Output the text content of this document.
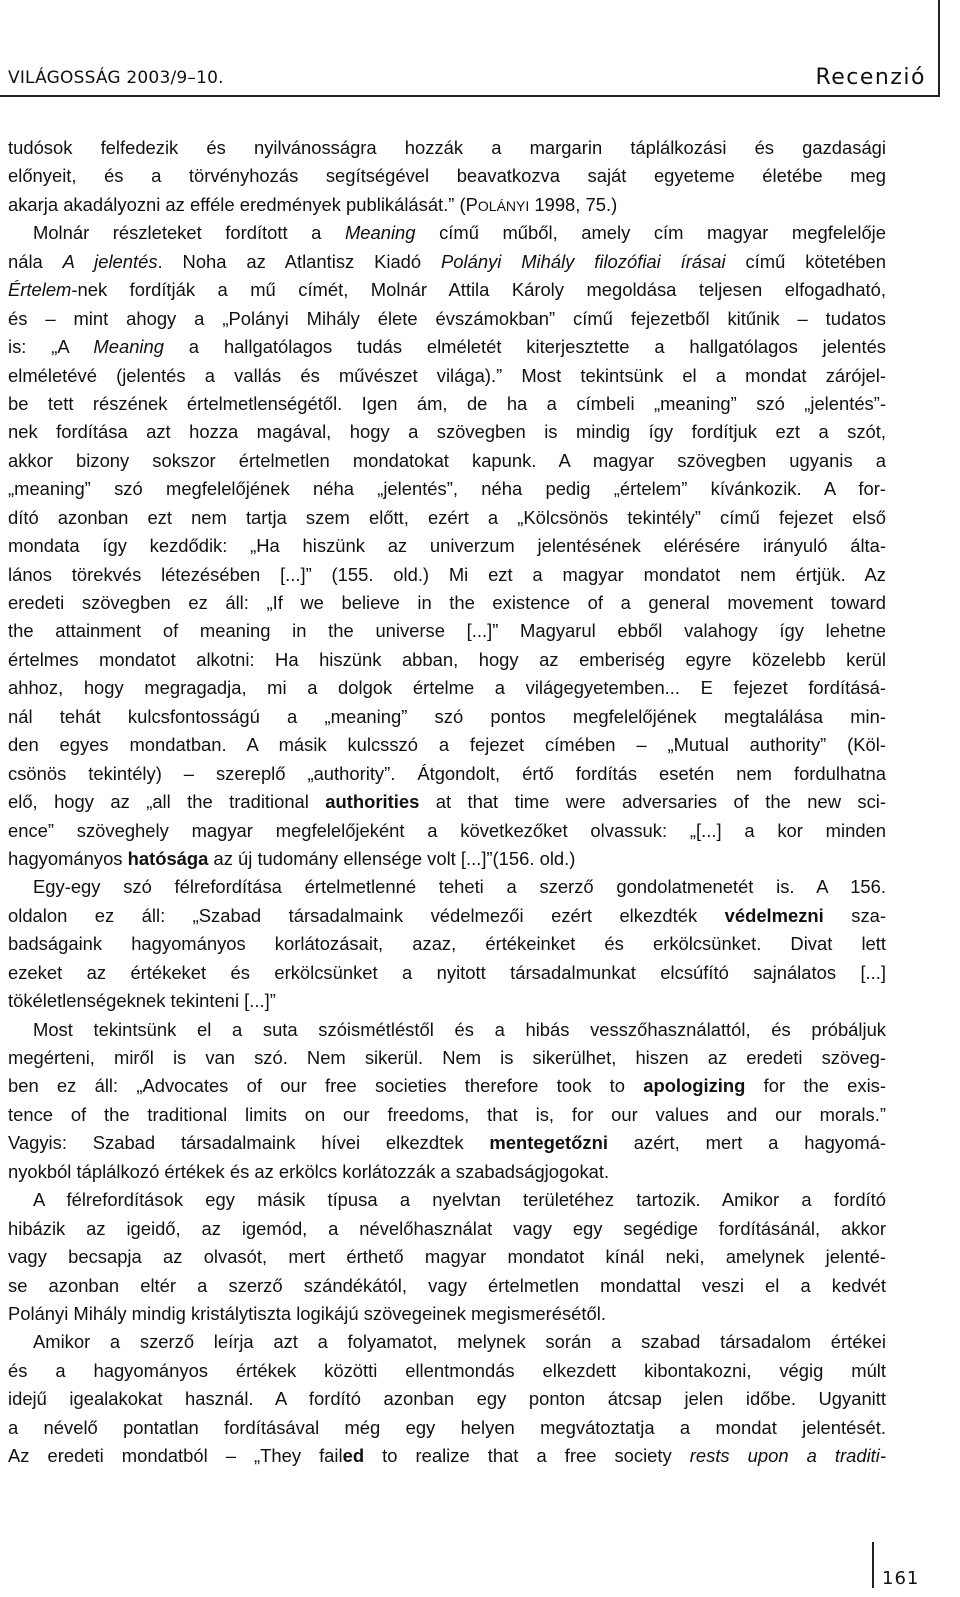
VILÁGOSSÁG 2003/9–10.	Recenzió
tudósok felfedezik és nyilvánosságra hozzák a margarin táplálkozási és gazdasági
előnyeit, és a törvényhozás segítségével beavatkozva saját egyeteme életébe meg
akarja akadályozni az efféle eredmények publikálását.” (POLÁNYI 1998, 75.)
Molnár részleteket fordított a Meaning című műből, amely cím magyar megfelelője
nála A jelentés. Noha az Atlantisz Kiadó Polányi Mihály filozófiai írásai című kötetében
Értelem-nek fordítják a mű címét, Molnár Attila Károly megoldása teljesen elfogadható,
és – mint ahogy a „Polányi Mihály élete évszámokban” című fejezetből kitűnik – tudatos
is: „A Meaning a hallgatólagos tudás elméletét kiterjesztette a hallgatólagos jelentés
elméletévé (jelentés a vallás és művészet világa).” Most tekintsünk el a mondat zárójel-
be tett részének értelmetlenségétől. Igen ám, de ha a címbeli „meaning” szó „jelentés”-
nek fordítása azt hozza magával, hogy a szövegben is mindig így fordítjuk ezt a szót,
akkor bizony sokszor értelmetlen mondatokat kapunk. A magyar szövegben ugyanis a
„meaning” szó megfelelőjének néha „jelentés”, néha pedig „értelem” kívánkozik. A for-
dító azonban ezt nem tartja szem előtt, ezért a „Kölcsönös tekintély” című fejezet első
mondata így kezdődik: „Ha hiszünk az univerzum jelentésének elérésére irányuló álta-
lános törekvés létezésében [...]” (155. old.) Mi ezt a magyar mondatot nem értjük. Az
eredeti szövegben ez áll: „If we believe in the existence of a general movement toward
the attainment of meaning in the universe [...]” Magyarul ebből valahogy így lehetne
értelmes mondatot alkotni: Ha hiszünk abban, hogy az emberiség egyre közelebb kerül
ahhoz, hogy megragadja, mi a dolgok értelme a világegyetemben... E fejezet fordításá-
nál tehát kulcsfontosságú a „meaning” szó pontos megfelelőjének megtalálása min-
den egyes mondatban. A másik kulcsszó a fejezet címében – „Mutual authority” (Köl-
csönös tekintély) – szereplő „authority”. Átgondolt, értő fordítás esetén nem fordulhatna
elő, hogy az „all the traditional authorities at that time were adversaries of the new sci-
ence” szöveghely magyar megfelelőjeként a következőket olvassuk: „[...] a kor minden
hagyományos hatósága az új tudomány ellensége volt [...]”(156. old.)
Egy-egy szó félrefordítása értelmetlenné teheti a szerző gondolatmenetét is. A 156.
oldalon ez áll: „Szabad társadalmaink védelmezői ezért elkezdték védelmezni sza-
badságaink hagyományos korlátozásait, azaz, értékeinket és erkölcsünket. Divat lett
ezeket az értékeket és erkölcsünket a nyitott társadalmunkat elcsúfító sajnálatos [...]
tökéletlenségeknek tekinteni [...]”
Most tekintsünk el a suta szóismétléstől és a hibás vesszőhasználattól, és próbáljuk
megérteni, miről is van szó. Nem sikerül. Nem is sikerülhet, hiszen az eredeti szöveg-
ben ez áll: „Advocates of our free societies therefore took to apologizing for the exis-
tence of the traditional limits on our freedoms, that is, for our values and our morals.”
Vagyis: Szabad társadalmaink hívei elkezdtek mentegetőzni azért, mert a hagyomá-
nyokból táplálkozó értékek és az erkölcs korlátozzák a szabadságjogokat.
A félrefordítások egy másik típusa a nyelvtan területéhez tartozik. Amikor a fordító
hibázik az igeidő, az igemód, a névelőhasználat vagy egy segédige fordításánál, akkor
vagy becsapja az olvasót, mert érthető magyar mondatot kínál neki, amelynek jelenté-
se azonban eltér a szerző szándékától, vagy értelmetlen mondattal veszi el a kedvét
Polányi Mihály mindig kristálytiszta logikájú szövegeinek megismerésétől.
Amikor a szerző leírja azt a folyamatot, melynek során a szabad társadalom értékei
és a hagyományos értékek közötti ellentmondás elkezdett kibontakozni, végig múlt
idejű igealakokat használ. A fordító azonban egy ponton átcsap jelen időbe. Ugyanitt
a névelő pontatlan fordításával még egy helyen megvátoztatja a mondat jelentését.
Az eredeti mondatból – „They failed to realize that a free society rests upon a traditi-
161
